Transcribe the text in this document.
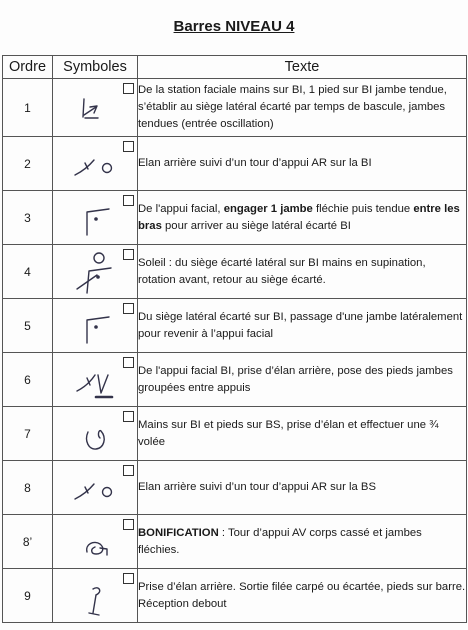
Barres NIVEAU 4
Ordre	Symboles	Texte
1		De la station faciale mains sur BI, 1 pied sur BI jambe tendue, s’établir au siège latéral écarté par temps de bascule, jambes tendues (entrée oscillation)
2		Elan arrière suivi d’un tour d’appui AR sur la BI
3		De l'appui facial, engager 1 jambe fléchie puis tendue entre les bras pour arriver au siège latéral écarté BI
4		Soleil : du siège écarté latéral sur BI mains en supination, rotation avant, retour au siège écarté.
5		Du siège latéral écarté sur BI, passage d'une jambe latéralement pour revenir à l’appui facial
6		De l'appui facial BI, prise d’élan arrière, pose des pieds jambes groupées entre appuis
7		Mains sur BI et pieds sur BS, prise d’élan et effectuer une ¾ volée
8		Elan arrière suivi d’un tour d’appui AR sur la BS
8’		BONIFICATION : Tour d’appui AV corps cassé et jambes fléchies.
9		Prise d’élan arrière. Sortie filée carpé ou écartée, pieds sur barre. Réception debout
